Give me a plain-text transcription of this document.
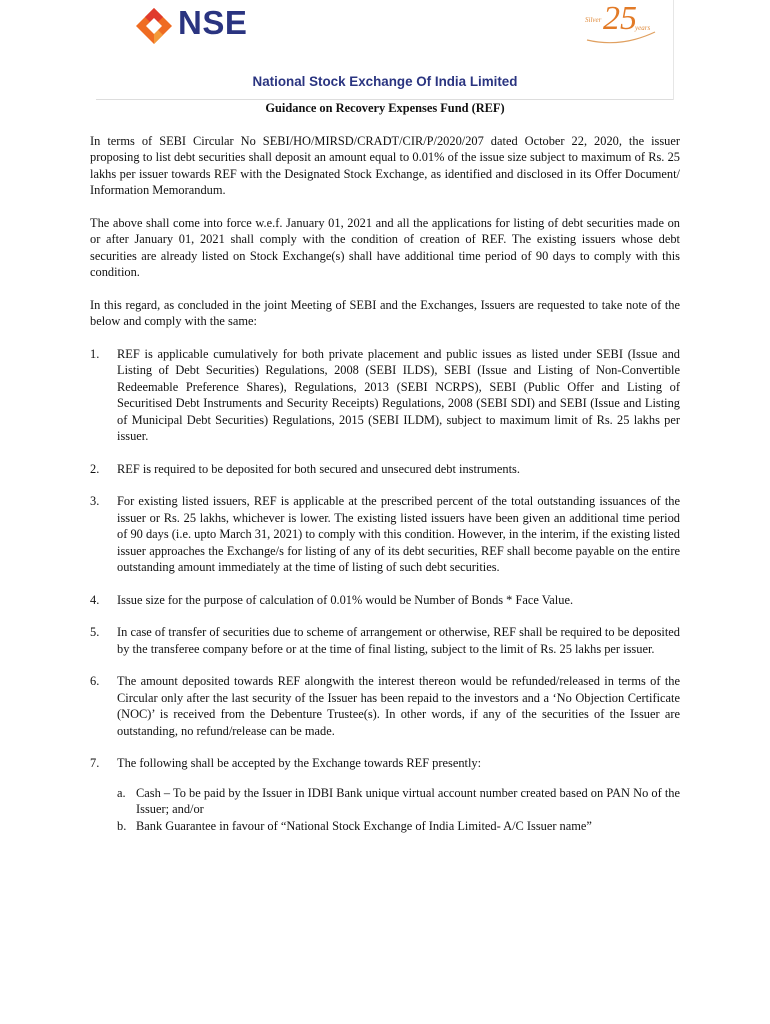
NSE	Silver 25
years
National Stock Exchange Of India Limited
Guidance on Recovery Expenses Fund (REF)

In terms of SEBI Circular No SEBI/HO/MIRSD/CRADT/CIR/P/2020/207 dated October 22, 2020, the issuer proposing to list debt securities shall deposit an amount equal to 0.01% of the issue size subject to maximum of Rs. 25 lakhs per issuer towards REF with the Designated Stock Exchange, as identified and disclosed in its Offer Document/ Information Memorandum.

The above shall come into force w.e.f. January 01, 2021 and all the applications for listing of debt securities made on or after January 01, 2021 shall comply with the condition of creation of REF. The existing issuers whose debt securities are already listed on Stock Exchange(s) shall have additional time period of 90 days to comply with this condition.

In this regard, as concluded in the joint Meeting of SEBI and the Exchanges, Issuers are requested to take note of the below and comply with the same:

1. REF is applicable cumulatively for both private placement and public issues as listed under SEBI (Issue and Listing of Debt Securities) Regulations, 2008 (SEBI ILDS), SEBI (Issue and Listing of Non-Convertible Redeemable Preference Shares), Regulations, 2013 (SEBI NCRPS), SEBI (Public Offer and Listing of Securitised Debt Instruments and Security Receipts) Regulations, 2008 (SEBI SDI) and SEBI (Issue and Listing of Municipal Debt Securities) Regulations, 2015 (SEBI ILDM), subject to maximum limit of Rs. 25 lakhs per issuer.
2. REF is required to be deposited for both secured and unsecured debt instruments.
3. For existing listed issuers, REF is applicable at the prescribed percent of the total outstanding issuances of the issuer or Rs. 25 lakhs, whichever is lower. The existing listed issuers have been given an additional time period of 90 days (i.e. upto March 31, 2021) to comply with this condition. However, in the interim, if the existing listed issuer approaches the Exchange/s for listing of any of its debt securities, REF shall become payable on the entire outstanding amount immediately at the time of listing of such debt securities.
4. Issue size for the purpose of calculation of 0.01% would be Number of Bonds * Face Value.
5. In case of transfer of securities due to scheme of arrangement or otherwise, REF shall be required to be deposited by the transferee company before or at the time of final listing, subject to the limit of Rs. 25 lakhs per issuer.
6. The amount deposited towards REF alongwith the interest thereon would be refunded/released in terms of the Circular only after the last security of the Issuer has been repaid to the investors and a ‘No Objection Certificate (NOC)’ is received from the Debenture Trustee(s). In other words, if any of the securities of the Issuer are outstanding, no refund/release can be made.
7. The following shall be accepted by the Exchange towards REF presently:
a. Cash – To be paid by the Issuer in IDBI Bank unique virtual account number created based on PAN No of the Issuer; and/or
b. Bank Guarantee in favour of “National Stock Exchange of India Limited- A/C Issuer name”
